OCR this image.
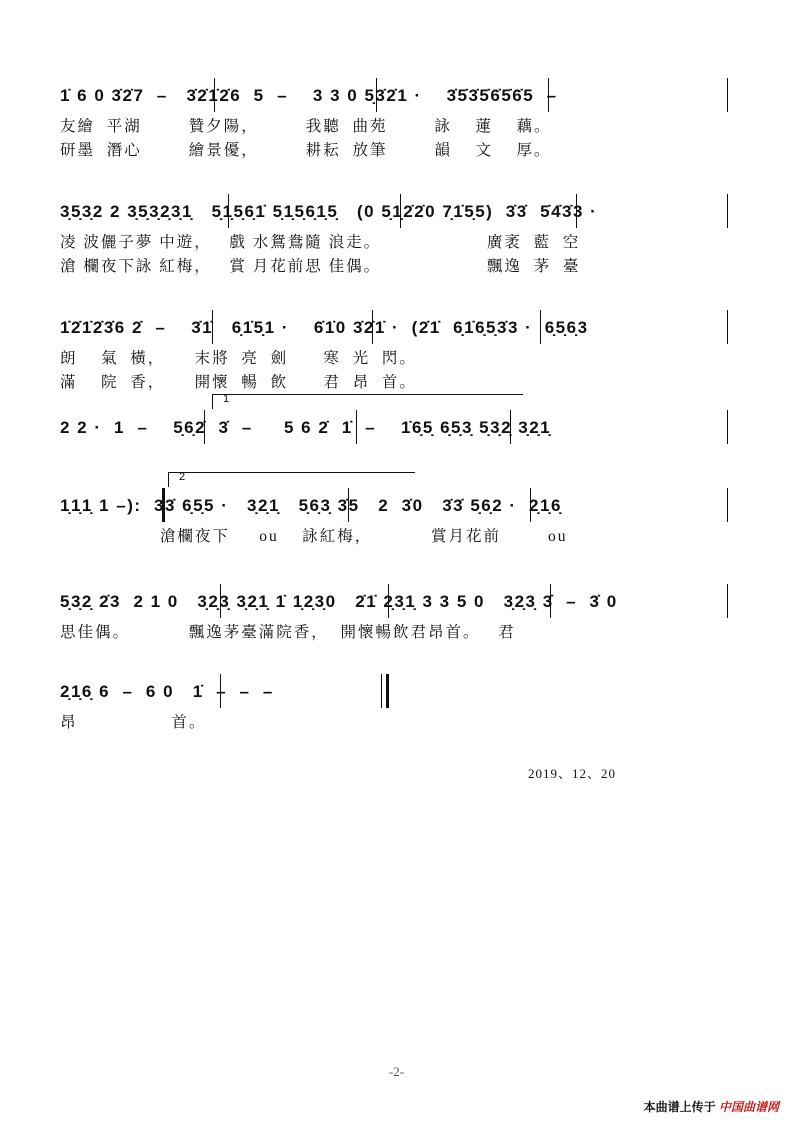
1̇ 6 0 3̇2̇7  –   3̇2̇1̇2̇6  5  –    3 3 0 5̣3̇2̇1 ·    3̇5̇3̇5̇6̇5̇6̇5  –
友繪  平湖        贊夕陽，        我聽  曲苑        詠    蓮    藕。
研墨  潛心        繪景優，        耕耘  放筆        韻    文    厚。
3̣5̣3̣2 2 3̣5̣3̣2̣3̣1̣   5̣1̣5̣6̣1̇ 5̣1̣5̣6̣1̣5̣   (0 5̣1̣2̇2̇0 7̣1̇5̣5)  3̇3̇  5̇4̇3̇3 ·
凌 波儷子夢 中遊，   戲 水鴛鴦隨 浪走。                  廣袤  藍  空
滄 欄夜下詠 紅梅，   賞 月花前思 佳偶。                  飄逸  茅  臺
1̇2̇1̇2̇3̇6 2̇  –    3̇1̇   6̣1̇5̣1 ·    6̇1̇0 3̇2̇1̇ ·  (2̇1̇  6̣1̇6̣5̣3̇3 ·  6̣5̣6̣3
朗    氣  橫，     末將  亮  劍      寒  光  閃。
滿    院  香，     開懷  暢  飲      君  昂  首。
1
2 2 ·  1  –    5̣6̣2̇  3̇  –     5 6 2̇  1̇  –    1̇6̣5̣ 6̣5̣3̣ 5̣3̣2̣ 3̣2̣1̣
2
1̣1̣1̣ 1 –):  3̇3̇ 6̣5̣5 ·   3̣2̣1̣   5̣6̣3̣ 3̇5   2  3̇0   3̇3̇ 5̣6̣2 ·  2̣1̣6̣
滄欄夜下     ou    詠紅梅，          賞月花前        ou
5̣3̣2̣ 2̇3  2 1 0   3̣2̣3̣ 3̣2̣1̣ 1̇ 1̣2̣3̣0   2̇1̇ 2̣3̣1̣ 3 3 5 0   3̣2̣3̣ 3̇  –  3̇ 0
思佳偶。          飄逸茅臺滿院香，  開懷暢飲君昂首。   君
2̣1̣6̣ 6  –  6 0   1̇  –  –  –
昂                首。
2019、12、20
-2-
本曲谱上传于 中国曲谱网
